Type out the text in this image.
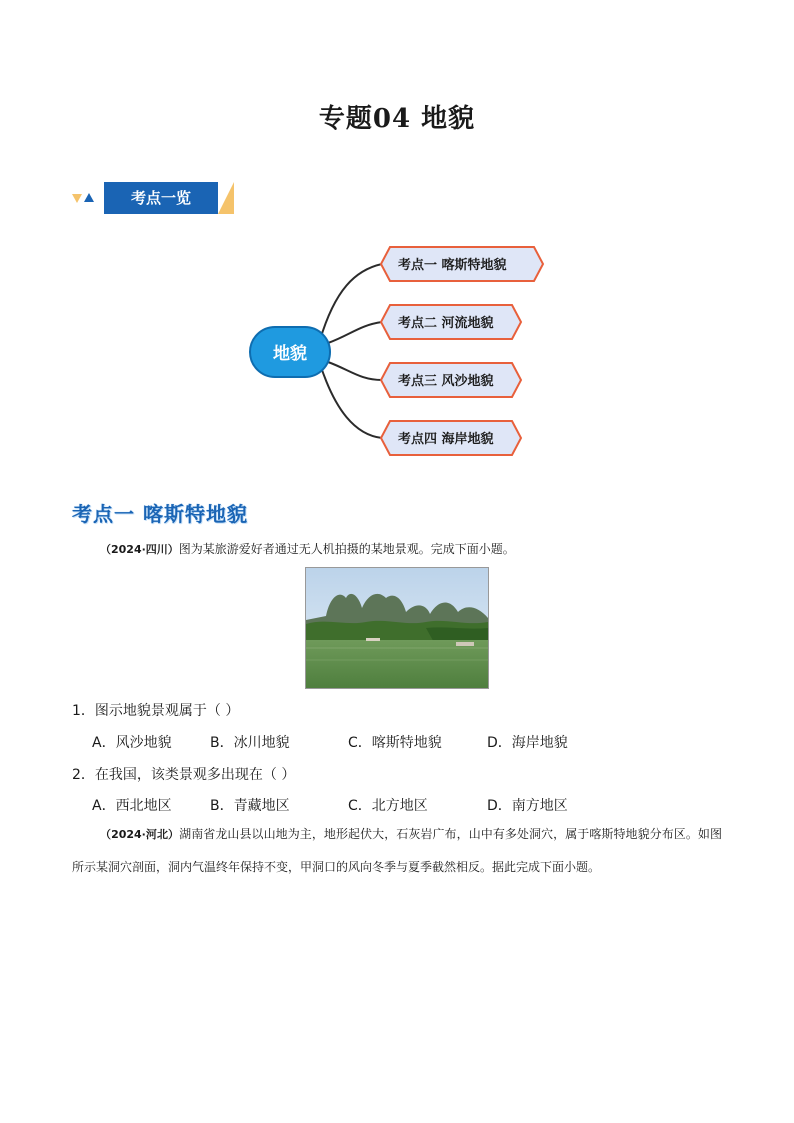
专题04 地貌
考点一览
地貌
考点一 喀斯特地貌
考点二 河流地貌
考点三 风沙地貌
考点四 海岸地貌
考点一 喀斯特地貌
（2024·四川）图为某旅游爱好者通过无人机拍摄的某地景观。完成下面小题。
1．图示地貌景观属于（ ）
A．风沙地貌	B．冰川地貌	C．喀斯特地貌	D．海岸地貌
2．在我国，该类景观多出现在（ ）
A．西北地区	B．青藏地区	C．北方地区	D．南方地区
（2024·河北）湖南省龙山县以山地为主，地形起伏大，石灰岩广布，山中有多处洞穴，属于喀斯特地貌分布区。如图所示某洞穴剖面，洞内气温终年保持不变，甲洞口的风向冬季与夏季截然相反。据此完成下面小题。
